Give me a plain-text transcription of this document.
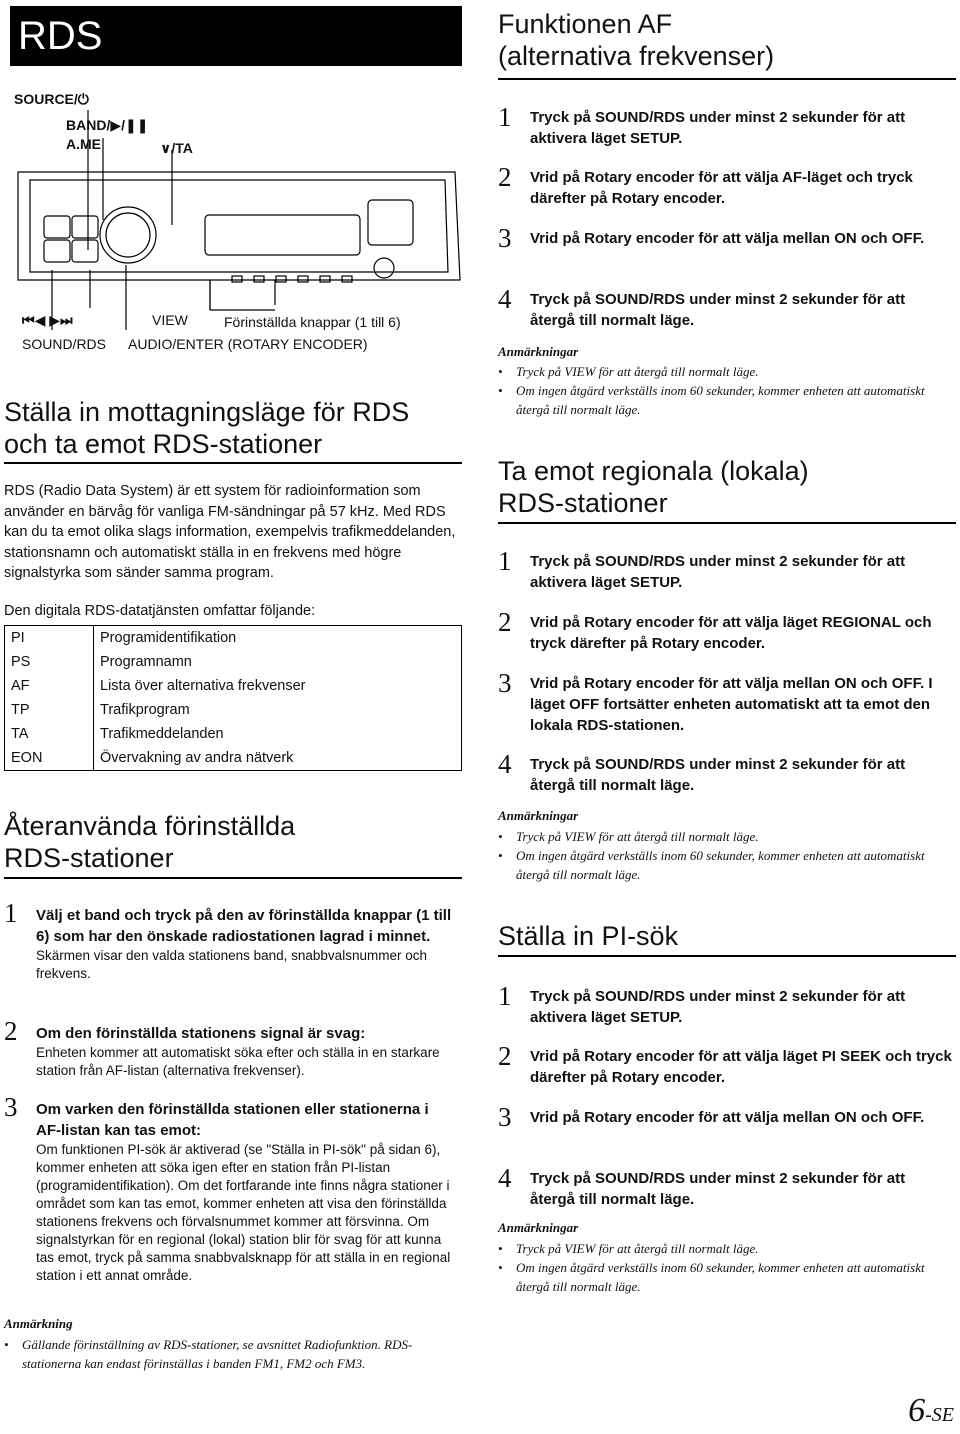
RDS
SOURCE/⏻
BAND/▶/❚❚
A.ME	∨/TA
⏮◀ ▶⏭	VIEW	Förinställda knappar (1 till 6)
SOUND/RDS AUDIO/ENTER (ROTARY ENCODER)
Ställa in mottagningsläge för RDS
och ta emot RDS-stationer
RDS (Radio Data System) är ett system för radioinformation som använder en bärvåg för vanliga FM-sändningar på 57 kHz. Med RDS kan du ta emot olika slags information, exempelvis trafikmeddelanden, stationsnamn och automatiskt ställa in en frekvens med högre signalstyrka som sänder samma program.
Den digitala RDS-datatjänsten omfattar följande:
PI	Programidentifikation
PS	Programnamn
AF	Lista över alternativa frekvenser
TP	Trafikprogram
TA	Trafikmeddelanden
EON	Övervakning av andra nätverk
Återanvända förinställda
RDS-stationer
1 Välj et band och tryck på den av förinställda knappar (1 till 6) som har den önskade radiostationen lagrad i minnet.
Skärmen visar den valda stationens band, snabbvalsnummer och frekvens.
2 Om den förinställda stationens signal är svag:
Enheten kommer att automatiskt söka efter och ställa in en starkare station från AF-listan (alternativa frekvenser).
3 Om varken den förinställda stationen eller stationerna i AF-listan kan tas emot:
Om funktionen PI-sök är aktiverad (se "Ställa in PI-sök" på sidan 6), kommer enheten att söka igen efter en station från PI-listan (programidentifikation). Om det fortfarande inte finns några stationer i området som kan tas emot, kommer enheten att visa den förinställda stationens frekvens och förvalsnummet kommer att försvinna. Om signalstyrkan för en regional (lokal) station blir för svag för att kunna tas emot, tryck på samma snabbvalsknapp för att ställa in en regional station i ett annat område.
Anmärkning
•	Gällande förinställning av RDS-stationer, se avsnittet Radiofunktion. RDS-stationerna kan endast förinställas i banden FM1, FM2 och FM3.
Funktionen AF
(alternativa frekvenser)
1 Tryck på SOUND/RDS under minst 2 sekunder för att aktivera läget SETUP.
2 Vrid på Rotary encoder för att välja AF-läget och tryck därefter på Rotary encoder.
3 Vrid på Rotary encoder för att välja mellan ON och OFF.
4 Tryck på SOUND/RDS under minst 2 sekunder för att återgå till normalt läge.
Anmärkningar
•	Tryck på VIEW för att återgå till normalt läge.
•	Om ingen åtgärd verkställs inom 60 sekunder, kommer enheten att automatiskt återgå till normalt läge.
Ta emot regionala (lokala)
RDS-stationer
1 Tryck på SOUND/RDS under minst 2 sekunder för att aktivera läget SETUP.
2 Vrid på Rotary encoder för att välja läget REGIONAL och tryck därefter på Rotary encoder.
3 Vrid på Rotary encoder för att välja mellan ON och OFF. I läget OFF fortsätter enheten automatiskt att ta emot den lokala RDS-stationen.
4 Tryck på SOUND/RDS under minst 2 sekunder för att återgå till normalt läge.
Anmärkningar
•	Tryck på VIEW för att återgå till normalt läge.
•	Om ingen åtgärd verkställs inom 60 sekunder, kommer enheten att automatiskt återgå till normalt läge.
Ställa in PI-sök
1 Tryck på SOUND/RDS under minst 2 sekunder för att aktivera läget SETUP.
2 Vrid på Rotary encoder för att välja läget PI SEEK och tryck därefter på Rotary encoder.
3 Vrid på Rotary encoder för att välja mellan ON och OFF.
4 Tryck på SOUND/RDS under minst 2 sekunder för att återgå till normalt läge.
Anmärkningar
•	Tryck på VIEW för att återgå till normalt läge.
•	Om ingen åtgärd verkställs inom 60 sekunder, kommer enheten att automatiskt återgå till normalt läge.
6-SE
